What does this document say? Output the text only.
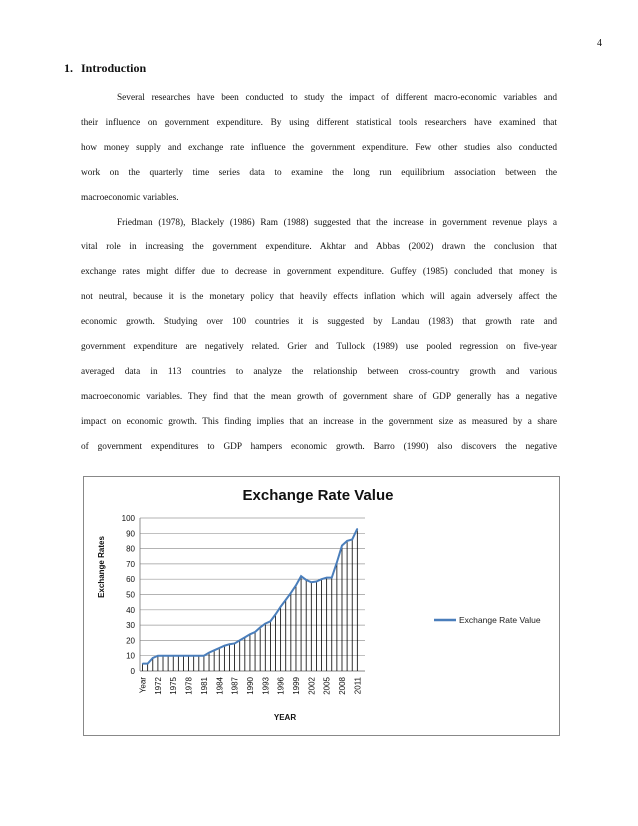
4
1. Introduction
Several researches have been conducted to study the impact of different macro-economic variables and
their influence on government expenditure. By using different statistical tools researchers have examined that
how money supply and exchange rate influence the government expenditure. Few other studies also conducted
work on the quarterly time series data to examine the long run equilibrium association between the
macroeconomic variables.
Friedman (1978), Blackely (1986) Ram (1988) suggested that the increase in government revenue plays a
vital role in increasing the government expenditure. Akhtar and Abbas (2002) drawn the conclusion that
exchange rates might differ due to decrease in government expenditure. Guffey (1985) concluded that money is
not neutral, because it is the monetary policy that heavily effects inflation which will again adversely affect the
economic growth. Studying over 100 countries it is suggested by Landau (1983) that growth rate and
government expenditure are negatively related. Grier and Tullock (1989) use pooled regression on five-year
averaged data in 113 countries to analyze the relationship between cross-country growth and various
macroeconomic variables. They find that the mean growth of government share of GDP generally has a negative
impact on economic growth. This finding implies that an increase in the government size as measured by a share
of government expenditures to GDP hampers economic growth. Barro (1990) also discovers the negative
Exchange Rate Value
0
10
20
30
40
50
60
70
80
90
100
Year 1972 1975 1978 1981 1984 1987 1990 1993 1996 1999 2002 2005 2008 2011
Exchange Rates
YEAR
Exchange Rate Value
